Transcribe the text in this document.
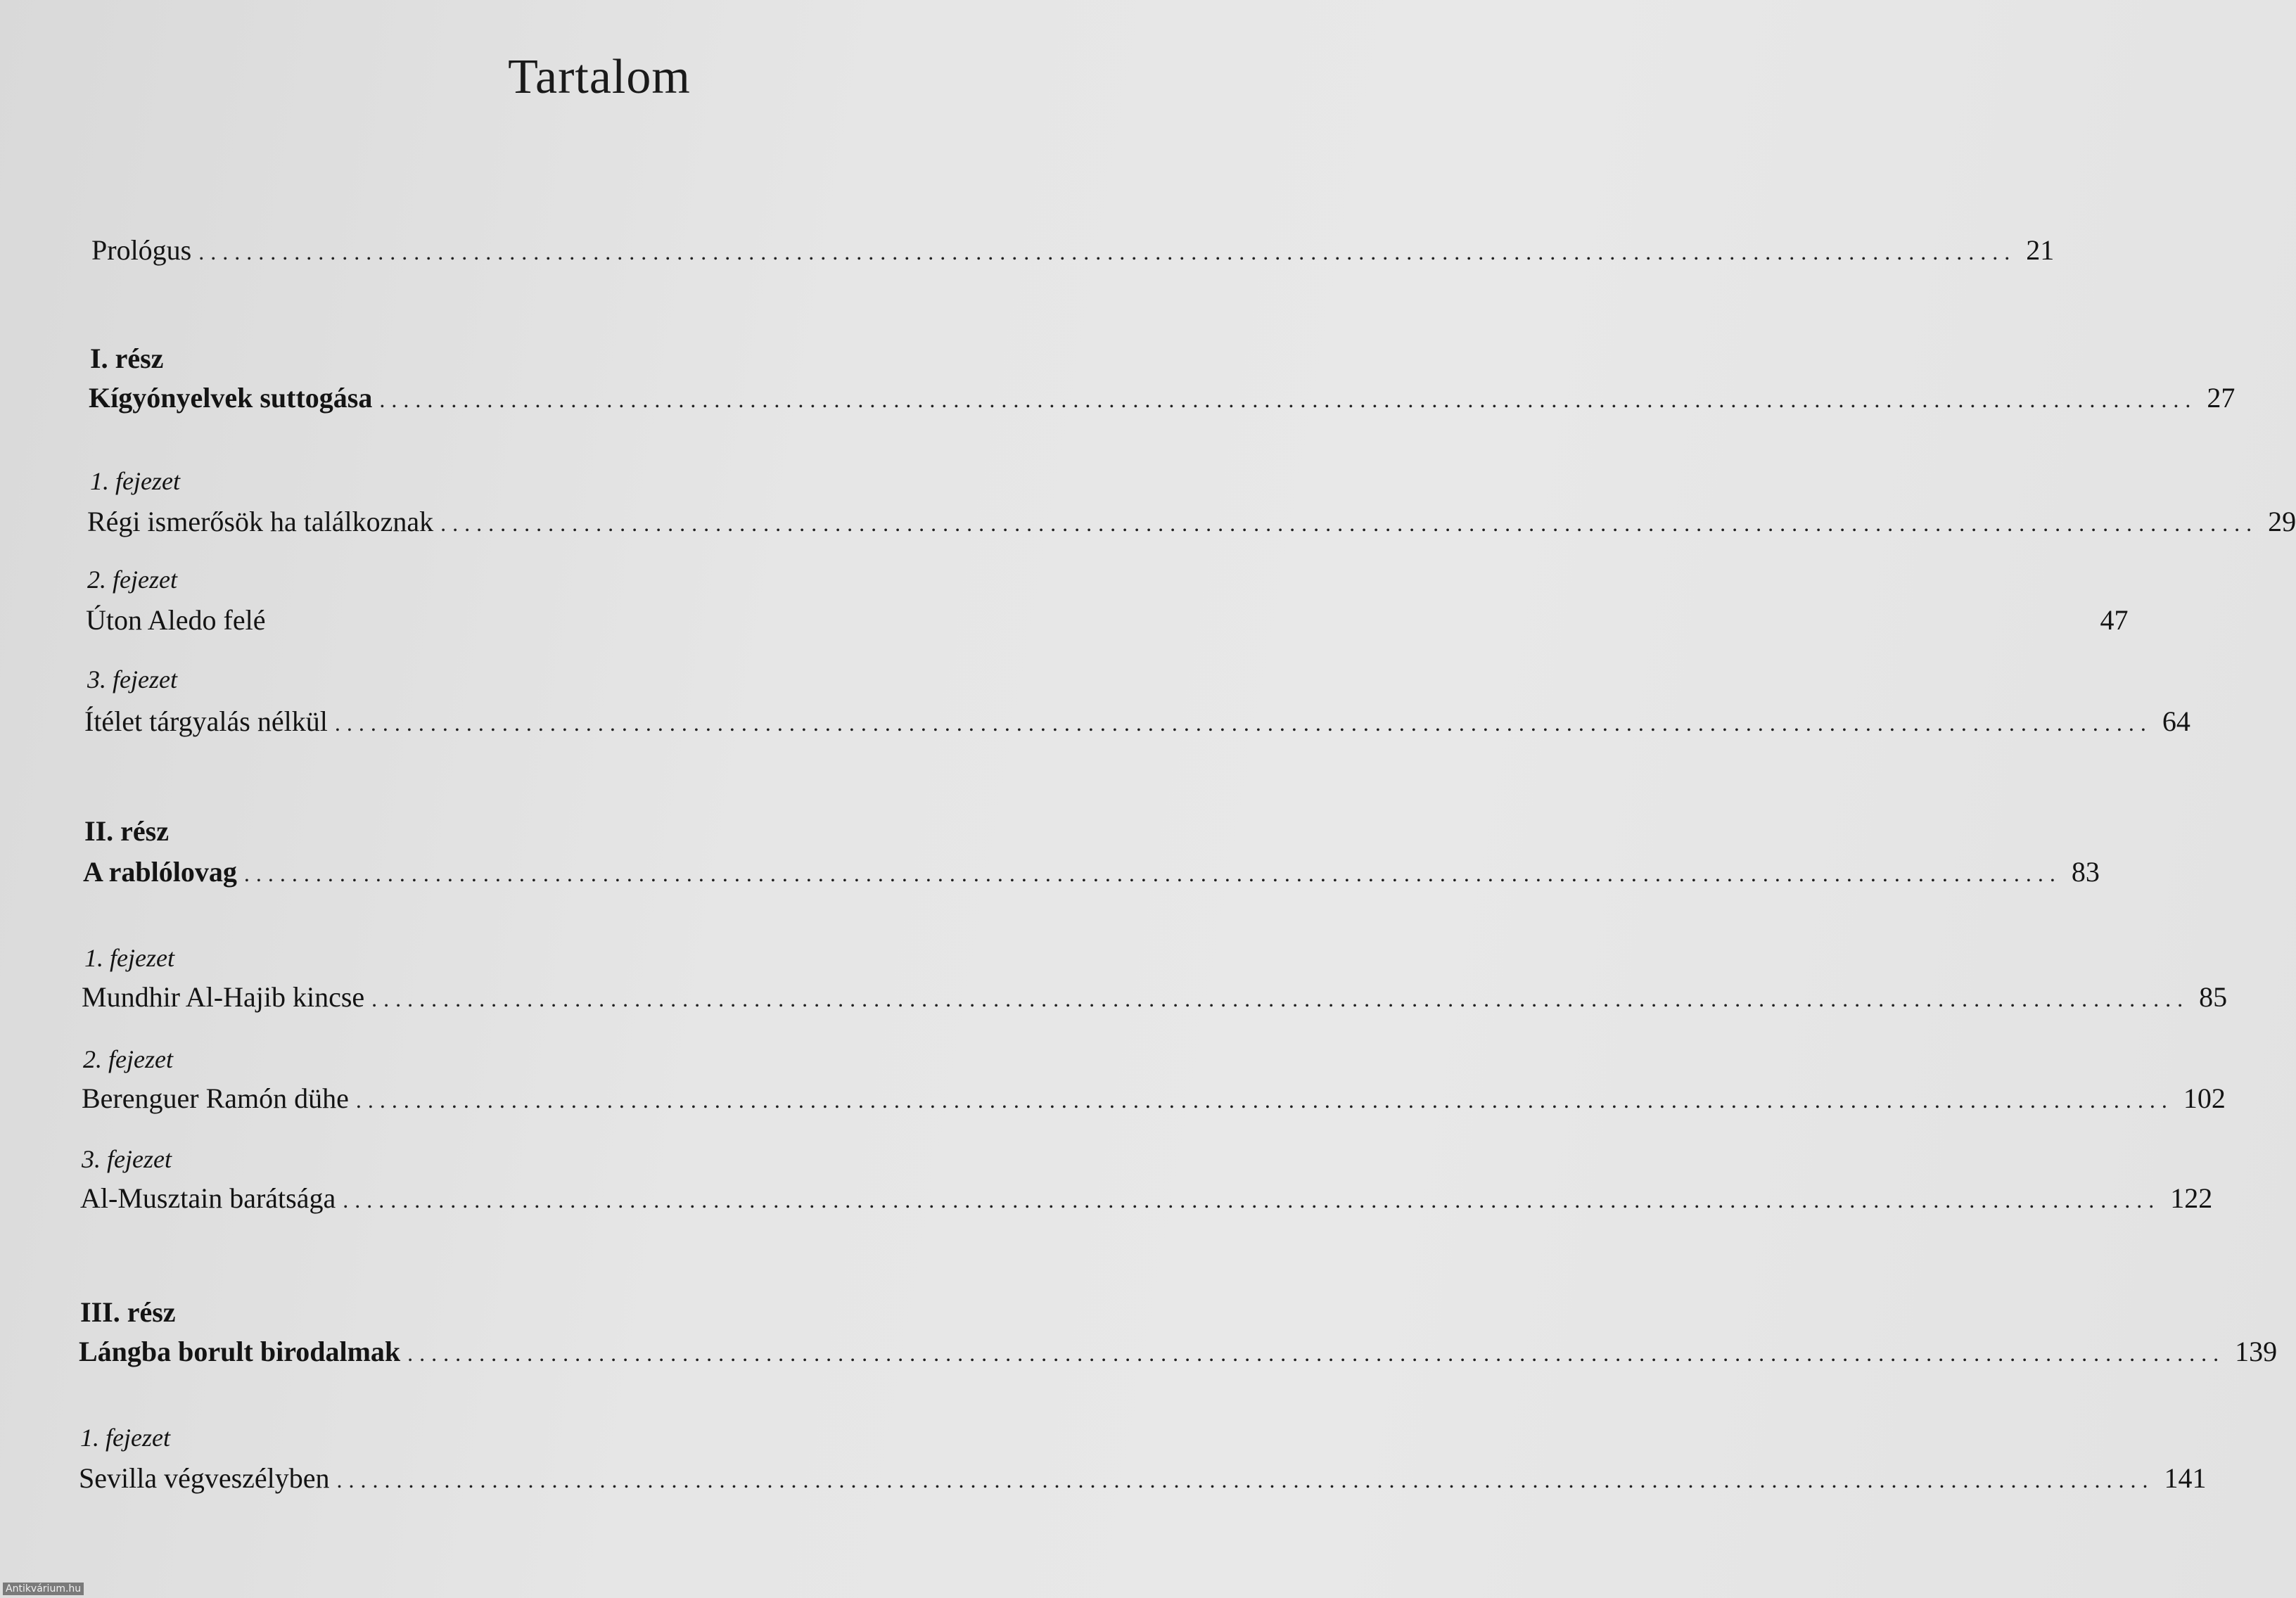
Tartalom
Prológus ........................................................................................................................................................ 21
I. rész
Kígyónyelvek suttogása ........................................................................................................................................................ 27
1. fejezet
Régi ismerősök ha találkoznak ........................................................................................................................................................ 29
2. fejezet
Úton Aledo felé	47
3. fejezet
Ítélet tárgyalás nélkül ........................................................................................................................................................ 64
II. rész
A rablólovag ........................................................................................................................................................ 83
1. fejezet
Mundhir Al-Hajib kincse ........................................................................................................................................................ 85
2. fejezet
Berenguer Ramón dühe ........................................................................................................................................................ 102
3. fejezet
Al-Musztain barátsága ........................................................................................................................................................ 122
III. rész
Lángba borult birodalmak ........................................................................................................................................................ 139
1. fejezet
Sevilla végveszélyben ........................................................................................................................................................ 141
Antikvárium.hu
